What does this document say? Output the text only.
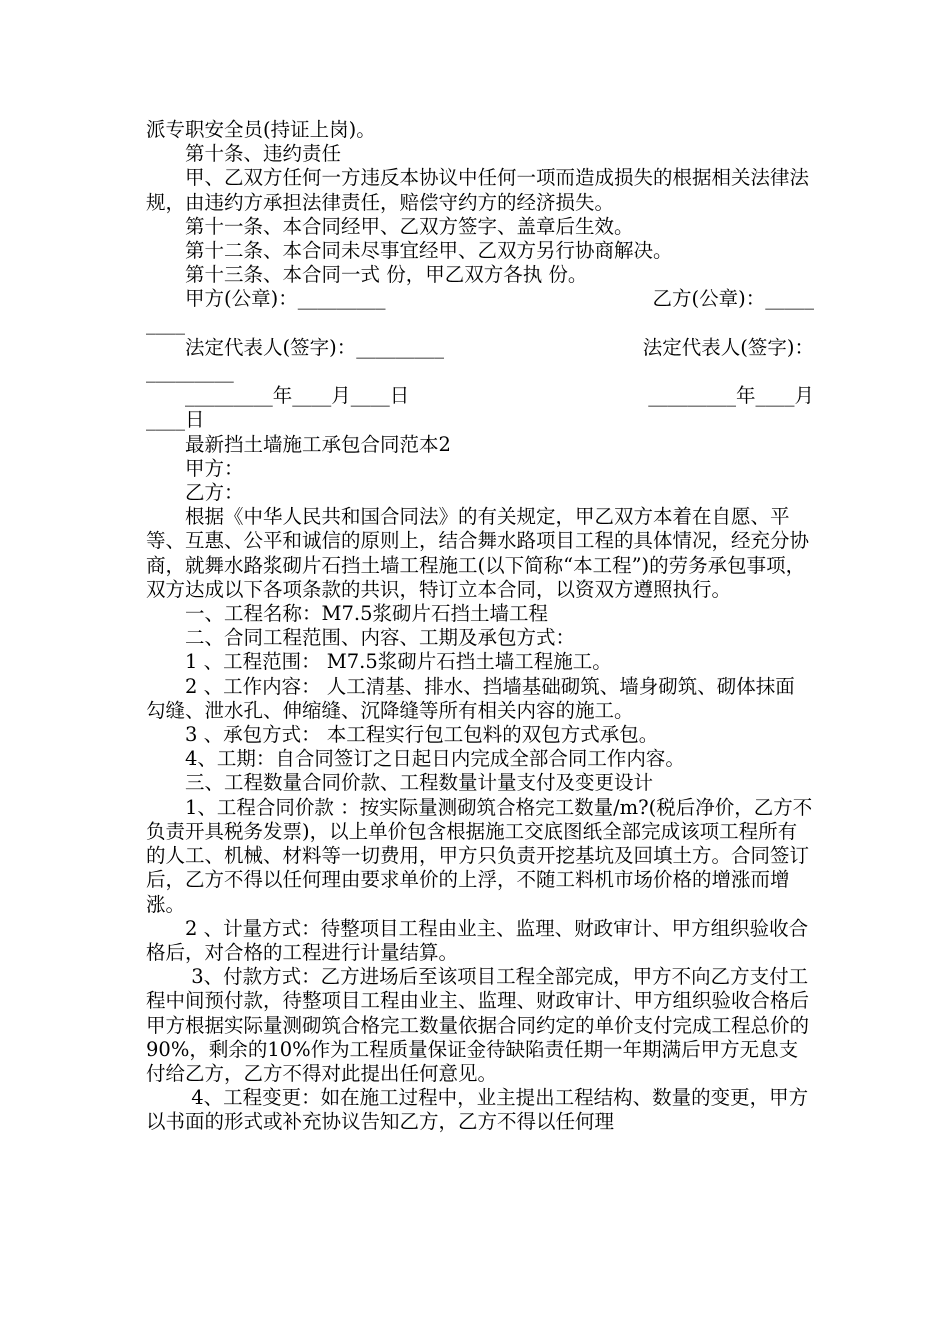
派专职安全员(持证上岗)。

第十条、违约责任

甲、乙双方任何一方违反本协议中任何一项而造成损失的根据相关法律法规，由违约方承担法律责任，赔偿守约方的经济损失。

第十一条、本合同经甲、乙双方签字、盖章后生效。

第十二条、本合同未尽事宜经甲、乙双方另行协商解决。

第十三条、本合同一式 份，甲乙双方各执 份。

甲方(公章)：_________	乙方(公章)：_____
____
法定代表人(签字)：_________	法定代表人(签字)：
_________
_________年____月____日	_________年____月
____日

最新挡土墙施工承包合同范本2

甲方：

乙方：

根据《中华人民共和国合同法》的有关规定，甲乙双方本着在自愿、平等、互惠、公平和诚信的原则上，结合舞水路项目工程的具体情况，经充分协商，就舞水路浆砌片石挡土墙工程施工(以下简称“本工程”)的劳务承包事项，双方达成以下各项条款的共识，特订立本合同，以资双方遵照执行。

一、工程名称：M7.5浆砌片石挡土墙工程

二、合同工程范围、内容、工期及承包方式：

1 、工程范围： M7.5浆砌片石挡土墙工程施工。

2 、工作内容： 人工清基、排水、挡墙基础砌筑、墙身砌筑、砌体抹面勾缝、泄水孔、伸缩缝、沉降缝等所有相关内容的施工。

3 、承包方式： 本工程实行包工包料的双包方式承包。

4、工期：自合同签订之日起日内完成全部合同工作内容。

三、工程数量合同价款、工程数量计量支付及变更设计

1、工程合同价款 ：按实际量测砌筑合格完工数量/m?(税后净价，乙方不负责开具税务发票)，以上单价包含根据施工交底图纸全部完成该项工程所有的人工、机械、材料等一切费用，甲方只负责开挖基坑及回填土方。合同签订后，乙方不得以任何理由要求单价的上浮，不随工料机市场价格的增涨而增涨。

2 、计量方式：待整项目工程由业主、监理、财政审计、甲方组织验收合格后，对合格的工程进行计量结算。

3、付款方式：乙方进场后至该项目工程全部完成，甲方不向乙方支付工程中间预付款，待整项目工程由业主、监理、财政审计、甲方组织验收合格后甲方根据实际量测砌筑合格完工数量依据合同约定的单价支付完成工程总价的90%，剩余的10%作为工程质量保证金待缺陷责任期一年期满后甲方无息支付给乙方，乙方不得对此提出任何意见。

4、工程变更：如在施工过程中，业主提出工程结构、数量的变更，甲方以书面的形式或补充协议告知乙方，乙方不得以任何理
